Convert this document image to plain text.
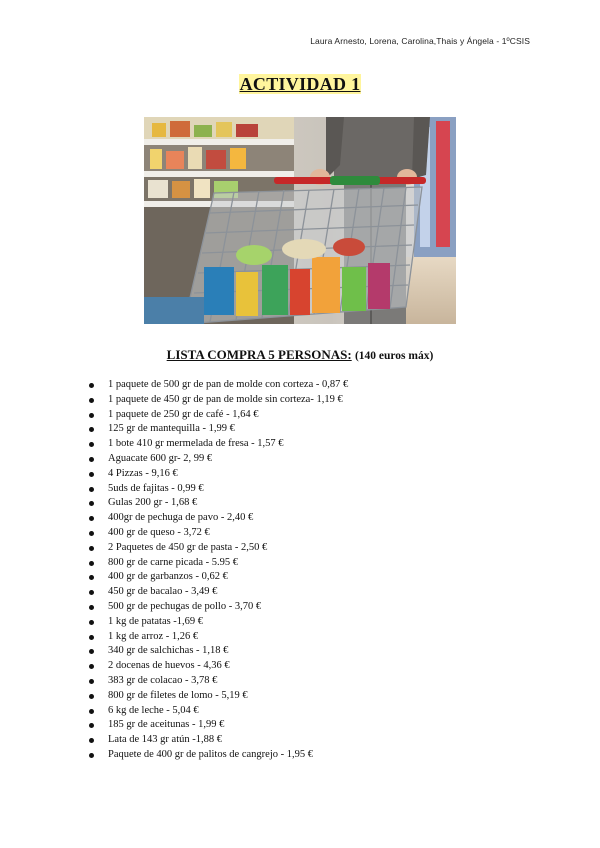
Laura Arnesto, Lorena, Carolina,Thais y Ángela - 1ºCSIS
ACTIVIDAD 1
LISTA COMPRA 5 PERSONAS: (140 euros máx)
1 paquete de 500 gr de pan de molde con corteza - 0,87 €
1 paquete de 450 gr de pan de molde sin corteza- 1,19 €
1 paquete de 250 gr de café - 1,64 €
125 gr de mantequilla - 1,99 €
1 bote 410 gr mermelada de fresa - 1,57 €
Aguacate 600 gr- 2, 99 €
4 Pizzas - 9,16 €
5uds de fajitas - 0,99 €
Gulas 200 gr - 1,68 €
400gr de pechuga de pavo - 2,40 €
400 gr de queso - 3,72 €
2 Paquetes de 450 gr de pasta - 2,50 €
800 gr de carne picada - 5.95 €
400 gr de garbanzos - 0,62 €
450 gr de bacalao - 3,49 €
500 gr de pechugas de pollo - 3,70 €
1 kg de patatas -1,69 €
1 kg de arroz - 1,26 €
340 gr de salchichas - 1,18 €
2 docenas de huevos - 4,36 €
383 gr de colacao - 3,78 €
800 gr de filetes de lomo - 5,19 €
6 kg de leche - 5,04 €
185 gr de aceitunas - 1,99 €
Lata de 143 gr atún -1,88 €
Paquete de 400 gr de palitos de cangrejo - 1,95 €
